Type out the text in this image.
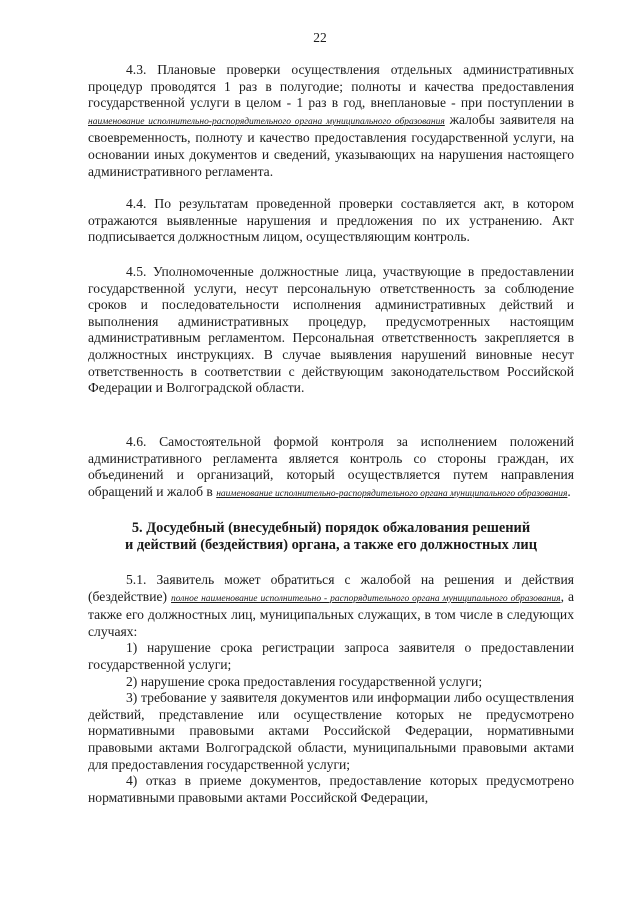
22

4.3. Плановые проверки осуществления отдельных административных процедур проводятся 1 раз в полугодие; полноты и качества предоставления государственной услуги в целом - 1 раз в год, внеплановые - при поступлении в наименование исполнительно-распорядительного органа муниципального образования жалобы заявителя на своевременность, полноту и качество предоставления государственной услуги, на основании иных документов и сведений, указывающих на нарушения настоящего административного регламента.

4.4. По результатам проведенной проверки составляется акт, в котором отражаются выявленные нарушения и предложения по их устранению. Акт подписывается должностным лицом, осуществляющим контроль.

4.5. Уполномоченные должностные лица, участвующие в предоставлении государственной услуги, несут персональную ответственность за соблюдение сроков и последовательности исполнения административных действий и выполнения административных процедур, предусмотренных настоящим административным регламентом. Персональная ответственность закрепляется в должностных инструкциях. В случае выявления нарушений виновные несут ответственность в соответствии с действующим законодательством Российской Федерации и Волгоградской области.

4.6. Самостоятельной формой контроля за исполнением положений административного регламента является контроль со стороны граждан, их объединений и организаций, который осуществляется путем направления обращений и жалоб в наименование исполнительно-распорядительного органа муниципального образования.

5. Досудебный (внесудебный) порядок обжалования решений
и действий (бездействия) органа, а также его должностных лиц

5.1. Заявитель может обратиться с жалобой на решения и действия (бездействие) полное наименование исполнительно - распорядительного органа муниципального образования, а также его должностных лиц, муниципальных служащих, в том числе в следующих случаях:

1) нарушение срока регистрации запроса заявителя о предоставлении государственной услуги;

2) нарушение срока предоставления государственной услуги;

3) требование у заявителя документов или информации либо осуществления действий, представление или осуществление которых не предусмотрено нормативными правовыми актами Российской Федерации, нормативными правовыми актами Волгоградской области, муниципальными правовыми актами для предоставления государственной услуги;

4) отказ в приеме документов, предоставление которых предусмотрено нормативными правовыми актами Российской Федерации,
